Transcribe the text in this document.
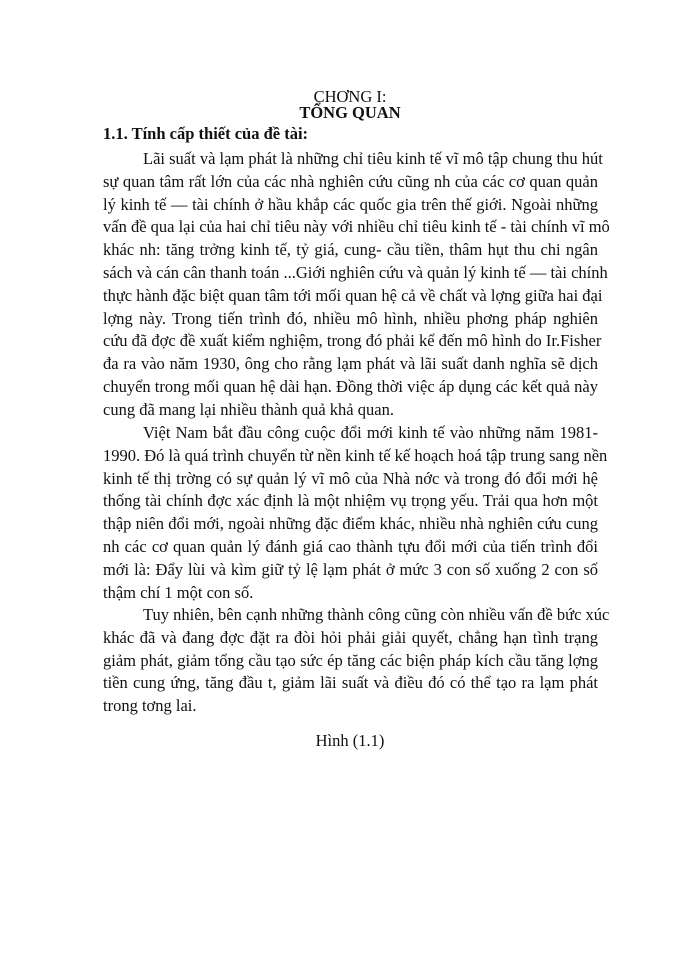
CHƠNG I:
TỔNG QUAN
1.1. Tính cấp thiết của đề tài:

Lãi suất và lạm phát là những chỉ tiêu kinh tế vĩ mô tập chung thu hút
sự quan tâm rất lớn của các nhà nghiên cứu cũng nh của các cơ quan quản
lý kinh tế — tài chính ở hầu khắp các quốc gia trên thế giới. Ngoài những
vấn đề qua lại của hai chỉ tiêu này với nhiều chỉ tiêu kinh tế - tài chính vĩ mô
khác nh: tăng trởng kinh tế, tỷ giá, cung- cầu tiền, thâm hụt thu chi ngân
sách và cán cân thanh toán ...Giới nghiên cứu và quản lý kinh tế — tài chính
thực hành đặc biệt quan tâm tới mối quan hệ cả về chất và lợng giữa hai đại
lợng này. Trong tiến trình đó, nhiều mô hình, nhiều phơng pháp nghiên
cứu đã đợc đề xuất kiểm nghiệm, trong đó phải kể đến mô hình do Ir.Fisher
đa ra vào năm 1930, ông cho rằng lạm phát và lãi suất danh nghĩa sẽ dịch
chuyển trong mối quan hệ dài hạn. Đồng thời việc áp dụng các kết quả này
cung đã mang lại nhiều thành quả khả quan.

Việt Nam bắt đầu công cuộc đổi mới kinh tế vào những năm 1981-
1990. Đó là quá trình chuyển từ nền kinh tế kế hoạch hoá tập trung sang nền
kinh tế thị trờng có sự quản lý vĩ mô của Nhà nớc và trong đó đổi mới hệ
thống tài chính đợc xác định là một nhiệm vụ trọng yếu. Trải qua hơn một
thập niên đổi mới, ngoài những đặc điểm khác, nhiều nhà nghiên cứu cung
nh các cơ quan quản lý đánh giá cao thành tựu đổi mới của tiến trình đổi
mới là: Đẩy lùi và kìm giữ tỷ lệ lạm phát ở mức 3 con số xuống 2 con số
thậm chí 1 một con số.

Tuy nhiên, bên cạnh những thành công cũng còn nhiều vấn đề bức xúc
khác đã và đang đợc đặt ra đòi hỏi phải giải quyết, chẳng hạn tình trạng
giảm phát, giảm tổng cầu tạo sức ép tăng các biện pháp kích cầu tăng lợng
tiền cung ứng, tăng đầu t, giảm lãi suất và điều đó có thể tạo ra lạm phát
trong tơng lai.

Hình (1.1)
